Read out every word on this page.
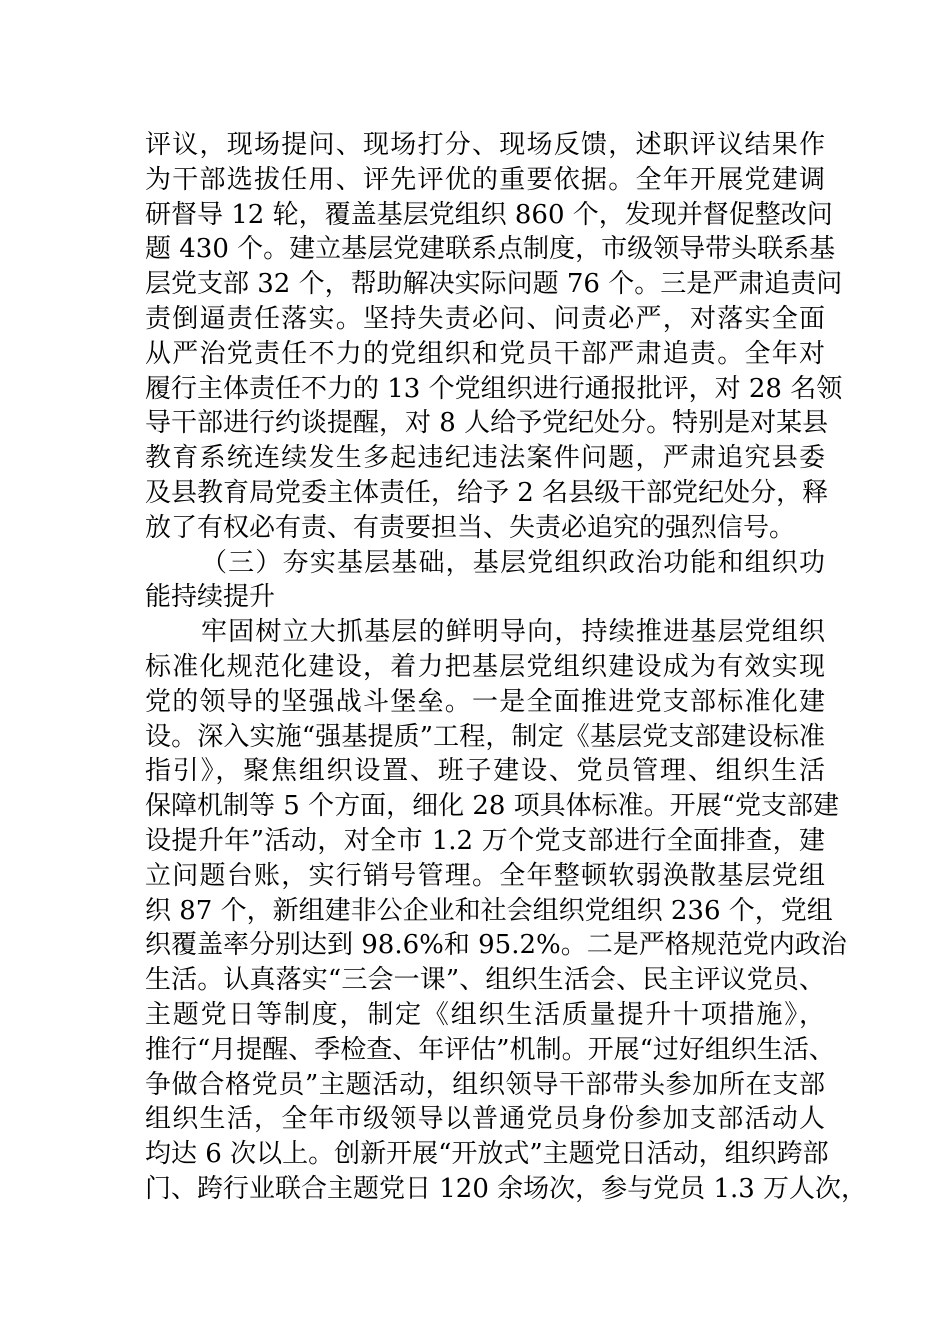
评议，现场提问、现场打分、现场反馈，述职评议结果作
为干部选拔任用、评先评优的重要依据。全年开展党建调
研督导 12 轮，覆盖基层党组织 860 个，发现并督促整改问
题 430 个。建立基层党建联系点制度，市级领导带头联系基
层党支部 32 个，帮助解决实际问题 76 个。三是严肃追责问
责倒逼责任落实。坚持失责必问、问责必严，对落实全面
从严治党责任不力的党组织和党员干部严肃追责。全年对
履行主体责任不力的 13 个党组织进行通报批评，对 28 名领
导干部进行约谈提醒，对 8 人给予党纪处分。特别是对某县
教育系统连续发生多起违纪违法案件问题，严肃追究县委
及县教育局党委主体责任，给予 2 名县级干部党纪处分，释
放了有权必有责、有责要担当、失责必追究的强烈信号。
（三）夯实基层基础，基层党组织政治功能和组织功
能持续提升
牢固树立大抓基层的鲜明导向，持续推进基层党组织
标准化规范化建设，着力把基层党组织建设成为有效实现
党的领导的坚强战斗堡垒。一是全面推进党支部标准化建
设。深入实施“强基提质”工程，制定《基层党支部建设标准
指引》，聚焦组织设置、班子建设、党员管理、组织生活
保障机制等 5 个方面，细化 28 项具体标准。开展“党支部建
设提升年”活动，对全市 1.2 万个党支部进行全面排查，建
立问题台账，实行销号管理。全年整顿软弱涣散基层党组
织 87 个，新组建非公企业和社会组织党组织 236 个，党组
织覆盖率分别达到 98.6%和 95.2%。二是严格规范党内政治
生活。认真落实“三会一课”、组织生活会、民主评议党员、
主题党日等制度，制定《组织生活质量提升十项措施》，
推行“月提醒、季检查、年评估”机制。开展“过好组织生活、
争做合格党员”主题活动，组织领导干部带头参加所在支部
组织生活，全年市级领导以普通党员身份参加支部活动人
均达 6 次以上。创新开展“开放式”主题党日活动，组织跨部
门、跨行业联合主题党日 120 余场次，参与党员 1.3 万人次，
